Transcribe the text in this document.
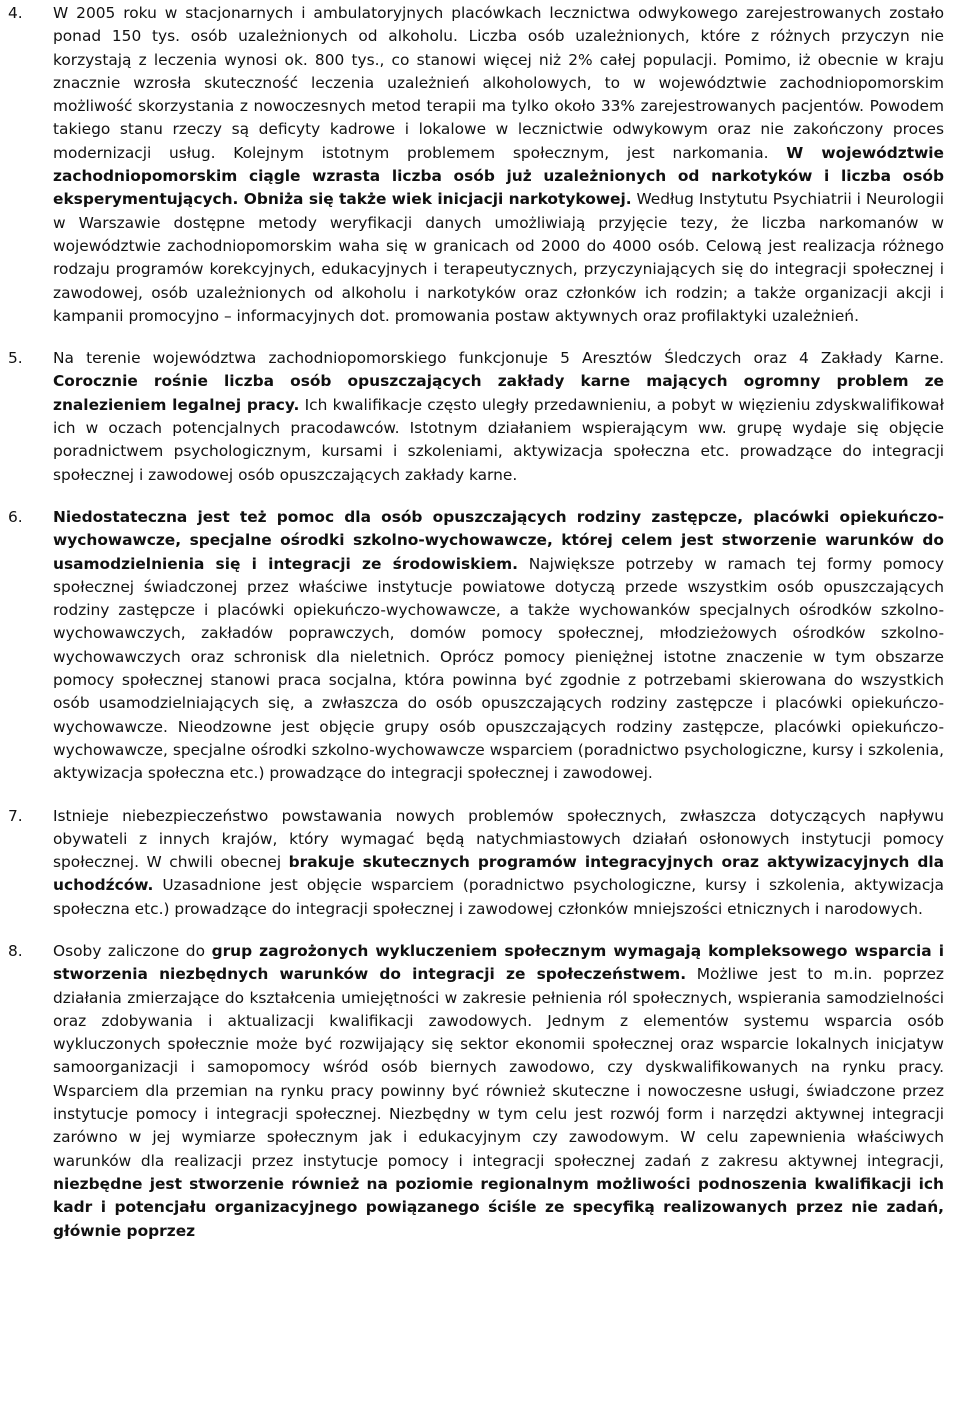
4.	W 2005 roku w stacjonarnych i ambulatoryjnych placówkach lecznictwa odwykowego zarejestrowanych zostało ponad 150 tys. osób uzależnionych od alkoholu. Liczba osób uzależnionych, które z różnych przyczyn nie korzystają z leczenia wynosi ok. 800 tys., co stanowi więcej niż 2% całej populacji. Pomimo, iż obecnie w kraju znacznie wzrosła skuteczność leczenia uzależnień alkoholowych, to w województwie zachodniopomorskim możliwość skorzystania z nowoczesnych metod terapii ma tylko około 33% zarejestrowanych pacjentów. Powodem takiego stanu rzeczy są deficyty kadrowe i lokalowe w lecznictwie odwykowym oraz nie zakończony proces modernizacji usług. Kolejnym istotnym problemem społecznym, jest narkomania. W województwie zachodniopomorskim ciągle wzrasta liczba osób już uzależnionych od narkotyków i liczba osób eksperymentujących. Obniża się także wiek inicjacji narkotykowej. Według Instytutu Psychiatrii i Neurologii w Warszawie dostępne metody weryfikacji danych umożliwiają przyjęcie tezy, że liczba narkomanów w województwie zachodniopomorskim waha się w granicach od 2000 do 4000 osób. Celową jest realizacja różnego rodzaju programów korekcyjnych, edukacyjnych i terapeutycznych, przyczyniających się do integracji społecznej i zawodowej, osób uzależnionych od alkoholu i narkotyków oraz członków ich rodzin; a także organizacji akcji i kampanii promocyjno – informacyjnych dot. promowania postaw aktywnych oraz profilaktyki uzależnień.
5.	Na terenie województwa zachodniopomorskiego funkcjonuje 5 Aresztów Śledczych oraz 4 Zakłady Karne. Corocznie rośnie liczba osób opuszczających zakłady karne mających ogromny problem ze znalezieniem legalnej pracy. Ich kwalifikacje często uległy przedawnieniu, a pobyt w więzieniu zdyskwalifikował ich w oczach potencjalnych pracodawców. Istotnym działaniem wspierającym ww. grupę wydaje się objęcie poradnictwem psychologicznym, kursami i szkoleniami, aktywizacja społeczna etc. prowadzące do integracji społecznej i zawodowej osób opuszczających zakłady karne.
6.	Niedostateczna jest też pomoc dla osób opuszczających rodziny zastępcze, placówki opiekuńczo-wychowawcze, specjalne ośrodki szkolno-wychowawcze, której celem jest stworzenie warunków do usamodzielnienia się i integracji ze środowiskiem. Największe potrzeby w ramach tej formy pomocy społecznej świadczonej przez właściwe instytucje powiatowe dotyczą przede wszystkim osób opuszczających rodziny zastępcze i placówki opiekuńczo-wychowawcze, a także wychowanków specjalnych ośrodków szkolno-wychowawczych, zakładów poprawczych, domów pomocy społecznej, młodzieżowych ośrodków szkolno-wychowawczych oraz schronisk dla nieletnich. Oprócz pomocy pieniężnej istotne znaczenie w tym obszarze pomocy społecznej stanowi praca socjalna, która powinna być zgodnie z potrzebami skierowana do wszystkich osób usamodzielniających się, a zwłaszcza do osób opuszczających rodziny zastępcze i placówki opiekuńczo-wychowawcze. Nieodzowne jest objęcie grupy osób opuszczających rodziny zastępcze, placówki opiekuńczo- wychowawcze, specjalne ośrodki szkolno-wychowawcze wsparciem (poradnictwo psychologiczne, kursy i szkolenia, aktywizacja społeczna etc.) prowadzące do integracji społecznej i zawodowej.
7.	Istnieje niebezpieczeństwo powstawania nowych problemów społecznych, zwłaszcza dotyczących napływu obywateli z innych krajów, który wymagać będą natychmiastowych działań osłonowych instytucji pomocy społecznej. W chwili obecnej brakuje skutecznych programów integracyjnych oraz aktywizacyjnych dla uchodźców. Uzasadnione jest objęcie wsparciem (poradnictwo psychologiczne, kursy i szkolenia, aktywizacja społeczna etc.) prowadzące do integracji społecznej i zawodowej członków mniejszości etnicznych i narodowych.
8.	Osoby zaliczone do grup zagrożonych wykluczeniem społecznym wymagają kompleksowego wsparcia i stworzenia niezbędnych warunków do integracji ze społeczeństwem. Możliwe jest to m.in. poprzez działania zmierzające do kształcenia umiejętności w zakresie pełnienia ról społecznych, wspierania samodzielności oraz zdobywania i aktualizacji kwalifikacji zawodowych. Jednym z elementów systemu wsparcia osób wykluczonych społecznie może być rozwijający się sektor ekonomii społecznej oraz wsparcie lokalnych inicjatyw samoorganizacji i samopomocy wśród osób biernych zawodowo, czy dyskwalifikowanych na rynku pracy. Wsparciem dla przemian na rynku pracy powinny być również skuteczne i nowoczesne usługi, świadczone przez instytucje pomocy i integracji społecznej. Niezbędny w tym celu jest rozwój form i narzędzi aktywnej integracji zarówno w jej wymiarze społecznym jak i edukacyjnym czy zawodowym. W celu zapewnienia właściwych warunków dla realizacji przez instytucje pomocy i integracji społecznej zadań z zakresu aktywnej integracji, niezbędne jest stworzenie również na poziomie regionalnym możliwości podnoszenia kwalifikacji ich kadr i potencjału organizacyjnego powiązanego ściśle ze specyfiką realizowanych przez nie zadań, głównie poprzez
